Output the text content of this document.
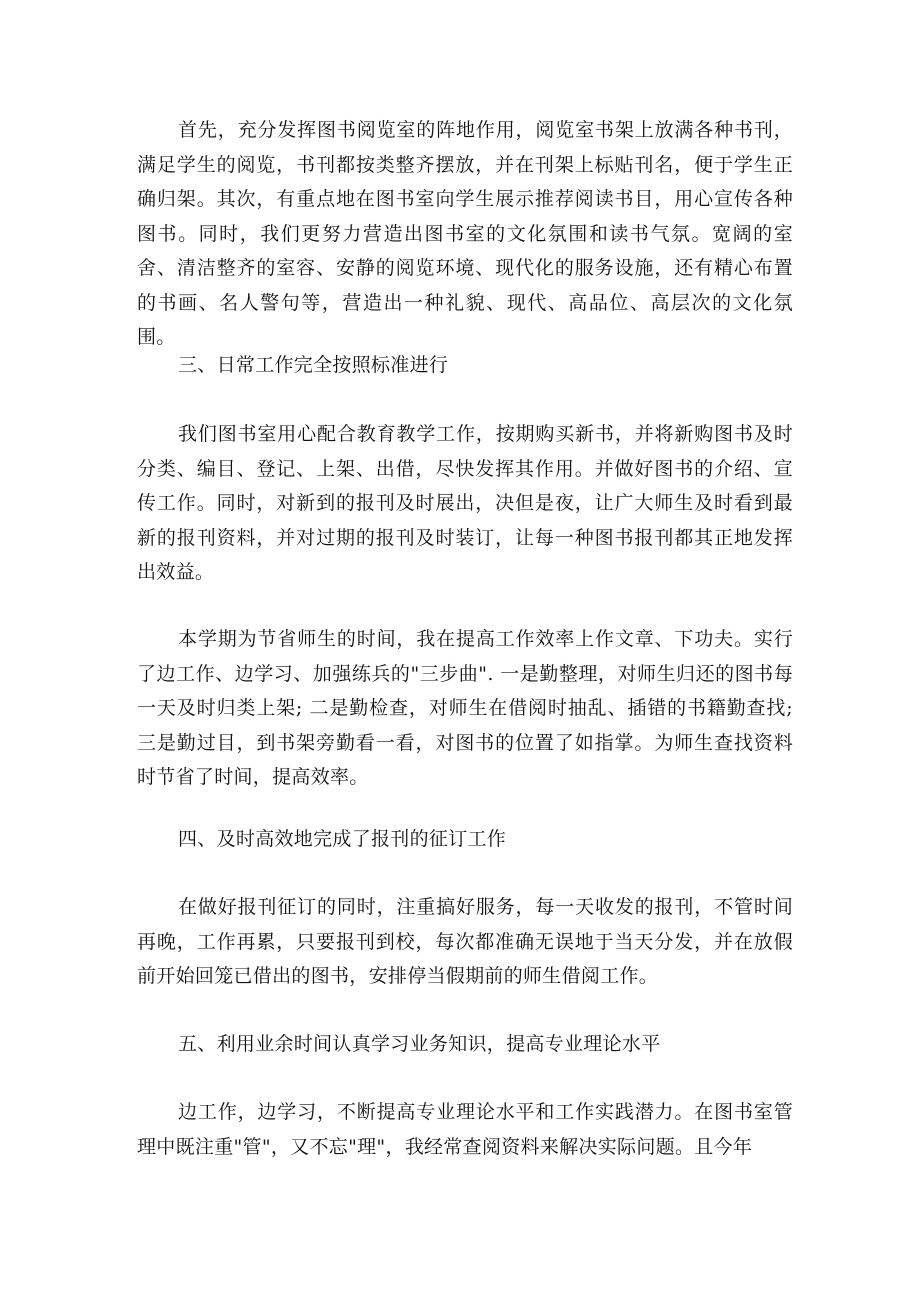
首先，充分发挥图书阅览室的阵地作用，阅览室书架上放满各种书刊，满足学生的阅览，书刊都按类整齐摆放，并在刊架上标贴刊名，便于学生正确归架。其次，有重点地在图书室向学生展示推荐阅读书目，用心宣传各种图书。同时，我们更努力营造出图书室的文化氛围和读书气氛。宽阔的室舍、清洁整齐的室容、安静的阅览环境、现代化的服务设施，还有精心布置的书画、名人警句等，营造出一种礼貌、现代、高品位、高层次的文化氛围。

三、日常工作完全按照标准进行

我们图书室用心配合教育教学工作，按期购买新书，并将新购图书及时分类、编目、登记、上架、出借，尽快发挥其作用。并做好图书的介绍、宣传工作。同时，对新到的报刊及时展出，决但是夜，让广大师生及时看到最新的报刊资料，并对过期的报刊及时装订，让每一种图书报刊都其正地发挥出效益。

本学期为节省师生的时间，我在提高工作效率上作文章、下功夫。实行了边工作、边学习、加强练兵的"三步曲". 一是勤整理，对师生归还的图书每一天及时归类上架; 二是勤检查，对师生在借阅时抽乱、插错的书籍勤查找; 三是勤过目，到书架旁勤看一看，对图书的位置了如指掌。为师生查找资料时节省了时间，提高效率。

四、及时高效地完成了报刊的征订工作

在做好报刊征订的同时，注重搞好服务，每一天收发的报刊，不管时间再晚，工作再累，只要报刊到校，每次都准确无误地于当天分发，并在放假前开始回笼已借出的图书，安排停当假期前的师生借阅工作。

五、利用业余时间认真学习业务知识，提高专业理论水平

边工作，边学习，不断提高专业理论水平和工作实践潜力。在图书室管理中既注重"管"，又不忘"理"，我经常查阅资料来解决实际问题。且今年
